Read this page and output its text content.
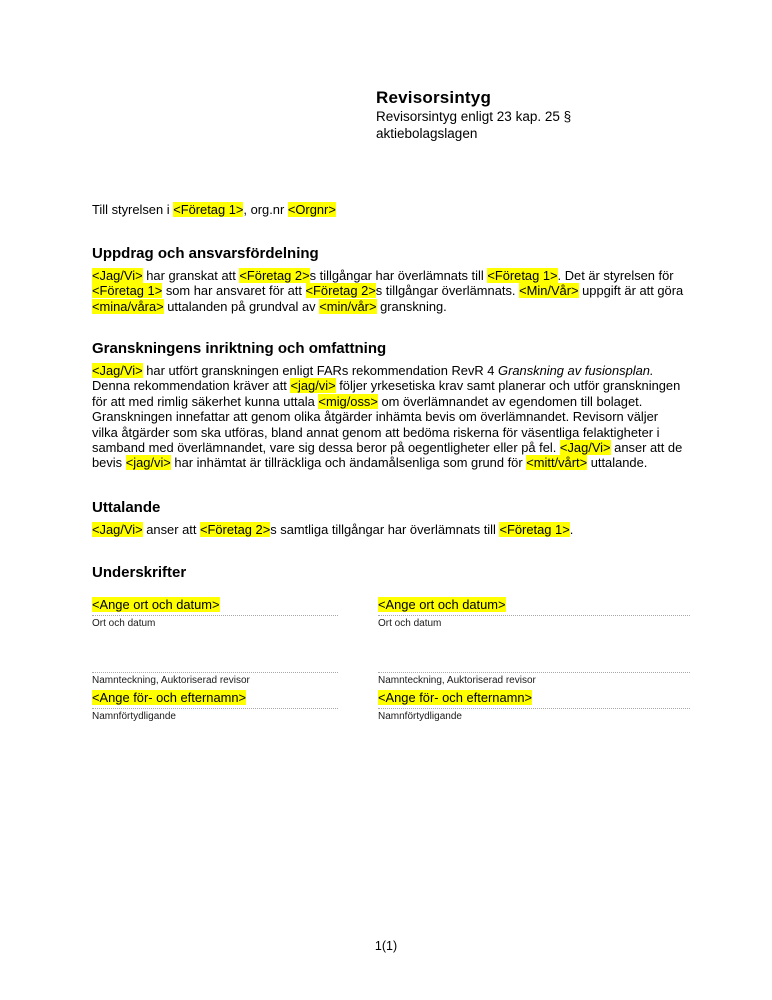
Revisorsintyg
Revisorsintyg enligt 23 kap. 25 §
aktiebolagslagen
Till styrelsen i <Företag 1>, org.nr <Orgnr>
Uppdrag och ansvarsfördelning
<Jag/Vi> har granskat att <Företag 2>s tillgångar har överlämnats till <Företag 1>. Det är styrelsen för <Företag 1> som har ansvaret för att <Företag 2>s tillgångar överlämnats. <Min/Vår> uppgift är att göra <mina/våra> uttalanden på grundval av <min/vår> granskning.
Granskningens inriktning och omfattning
<Jag/Vi> har utfört granskningen enligt FARs rekommendation RevR 4 Granskning av fusionsplan. Denna rekommendation kräver att <jag/vi> följer yrkesetiska krav samt planerar och utför granskningen för att med rimlig säkerhet kunna uttala <mig/oss> om överlämnandet av egendomen till bolaget. Granskningen innefattar att genom olika åtgärder inhämta bevis om överlämnandet. Revisorn väljer vilka åtgärder som ska utföras, bland annat genom att bedöma riskerna för väsentliga felaktigheter i samband med överlämnandet, vare sig dessa beror på oegentligheter eller på fel. <Jag/Vi> anser att de bevis <jag/vi> har inhämtat är tillräckliga och ändamålsenliga som grund för <mitt/vårt> uttalande.
Uttalande
<Jag/Vi> anser att <Företag 2>s samtliga tillgångar har överlämnats till <Företag 1>.
Underskrifter
<Ange ort och datum>
Ort och datum
Namnteckning, Auktoriserad revisor
<Ange för- och efternamn>
Namnförtydligande
<Ange ort och datum>
Ort och datum
Namnteckning, Auktoriserad revisor
<Ange för- och efternamn>
Namnförtydligande
1(1)
